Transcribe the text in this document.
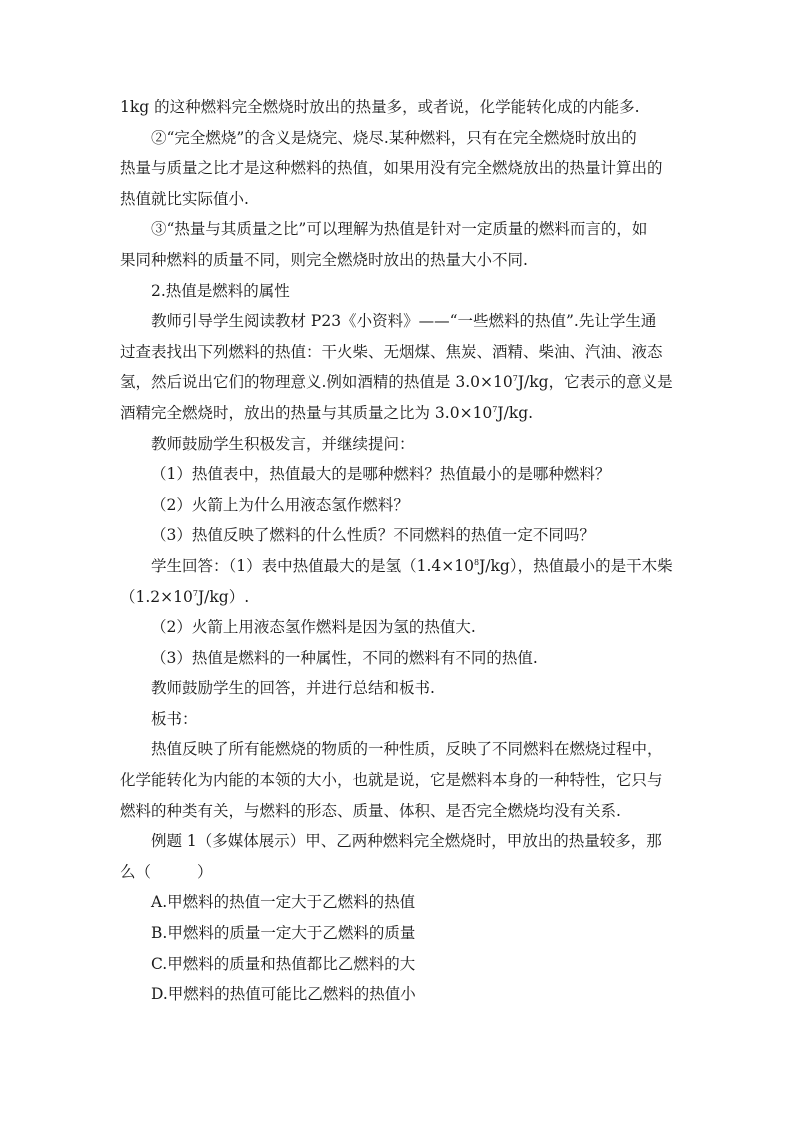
1kg 的这种燃料完全燃烧时放出的热量多，或者说，化学能转化成的内能多.
②“完全燃烧”的含义是烧完、烧尽.某种燃料，只有在完全燃烧时放出的
热量与质量之比才是这种燃料的热值，如果用没有完全燃烧放出的热量计算出的
热值就比实际值小.
③“热量与其质量之比”可以理解为热值是针对一定质量的燃料而言的，如
果同种燃料的质量不同，则完全燃烧时放出的热量大小不同.
2.热值是燃料的属性
教师引导学生阅读教材 P23《小资料》——“一些燃料的热值”.先让学生通
过查表找出下列燃料的热值：干火柴、无烟煤、焦炭、酒精、柴油、汽油、液态
氢，然后说出它们的物理意义.例如酒精的热值是 $3.0\times 10^7J/kg$，它表示的意义是
酒精完全燃烧时，放出的热量与其质量之比为 $3.0\times 10^7J/kg$.
教师鼓励学生积极发言，并继续提问：
（1）热值表中，热值最大的是哪种燃料？热值最小的是哪种燃料？
（2）火箭上为什么用液态氢作燃料？
（3）热值反映了燃料的什么性质？不同燃料的热值一定不同吗？
学生回答：（1）表中热值最大的是氢$(1.4\times 10^8J/kg)$，热值最小的是干木柴
$(1.2\times 10^7J/kg)$.
（2）火箭上用液态氢作燃料是因为氢的热值大.
（3）热值是燃料的一种属性，不同的燃料有不同的热值.
教师鼓励学生的回答，并进行总结和板书.
板书：
热值反映了所有能燃烧的物质的一种性质，反映了不同燃料在燃烧过程中，
化学能转化为内能的本领的大小，也就是说，它是燃料本身的一种特性，它只与
燃料的种类有关，与燃料的形态、质量、体积、是否完全燃烧均没有关系.
例题 1（多媒体展示）甲、乙两种燃料完全燃烧时，甲放出的热量较多，那
么（	）
A.甲燃料的热值一定大于乙燃料的热值
B.甲燃料的质量一定大于乙燃料的质量
C.甲燃料的质量和热值都比乙燃料的大
D.甲燃料的热值可能比乙燃料的热值小
